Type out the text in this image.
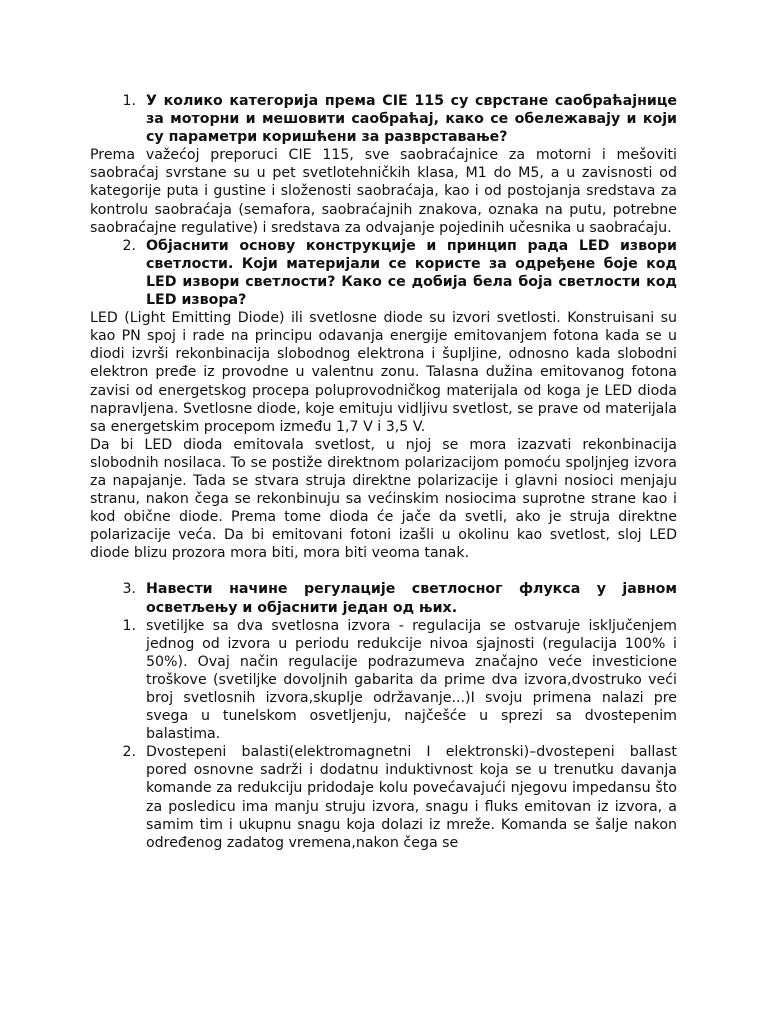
1. У колико категорија према CIE 115 су сврстане саобраћајнице за моторни и мешовити саобраћај, како се обележавају и који су параметри коришћени за разврставање?

Prema važećoj preporuci CIE 115, sve saobraćajnice za motorni i mešoviti saobraćaj svrstane su u pet svetlotehničkih klasa, M1 do M5, a u zavisnosti od kategorije puta i gustine i složenosti saobraćaja, kao i od postojanja sredstava za kontrolu saobraćaja (semafora, saobraćajnih znakova, oznaka na putu, potrebne saobraćajne regulative) i sredstava za odvajanje pojedinih učesnika u saobraćaju.

2. Објаснити основу конструкције и принцип рада LED извори светлости. Који материјали се користе за одређене боје код LED извори светлости? Како се добија бела боја светлости код LED извора?

LED (Light Emitting Diode) ili svetlosne diode su izvori svetlosti. Konstruisani su kao PN spoj i rade na principu odavanja energije emitovanjem fotona kada se u diodi izvrši rekonbinacija slobodnog elektrona i šupljine, odnosno kada slobodni elektron pređe iz provodne u valentnu zonu. Talasna dužina emitovanog fotona zavisi od energetskog procepa poluprovodničkog materijala od koga je LED dioda napravljena. Svetlosne diode, koje emituju vidljivu svetlost, se prave od materijala sa energetskim procepom između 1,7 V i 3,5 V.

Da bi LED dioda emitovala svetlost, u njoj se mora izazvati rekonbinacija slobodnih nosilaca. To se postiže direktnom polarizacijom pomoću spoljnjeg izvora za napajanje. Tada se stvara struja direktne polarizacije i glavni nosioci menjaju stranu, nakon čega se rekonbinuju sa većinskim nosiocima suprotne strane kao i kod obične diode. Prema tome dioda će jače da svetli, ako je struja direktne polarizacije veća. Da bi emitovani fotoni izašli u okolinu kao svetlost, sloj LED diode blizu prozora mora biti, mora biti veoma tanak.

3. Навести начине регулације светлосног флукса у јавном осветљењу и објаснити један од њих.
1. svetiljke sa dva svetlosna izvora - regulacija se ostvaruje isključenjem jednog od izvora u periodu redukcije nivoa sjajnosti (regulacija 100% i 50%). Ovaj način regulacije podrazumeva značajno veće investicione troškove (svetiljke dovoljnih gabarita da prime dva izvora,dvostruko veći broj svetlosnih izvora,skuplje održavanje...)I svoju primena nalazi pre svega u tunelskom osvetljenju, najčešće u sprezi sa dvostepenim balastima.
2. Dvostepeni balasti(elektromagnetni I elektronski)–dvostepeni ballast pored osnovne sadrži i dodatnu induktivnost koja se u trenutku davanja komande za redukciju pridodaje kolu povećavajući njegovu impedansu što za posledicu ima manju struju izvora, snagu i fluks emitovan iz izvora, a samim tim i ukupnu snagu koja dolazi iz mreže. Komanda se šalje nakon određenog zadatog vremena,nakon čega se
